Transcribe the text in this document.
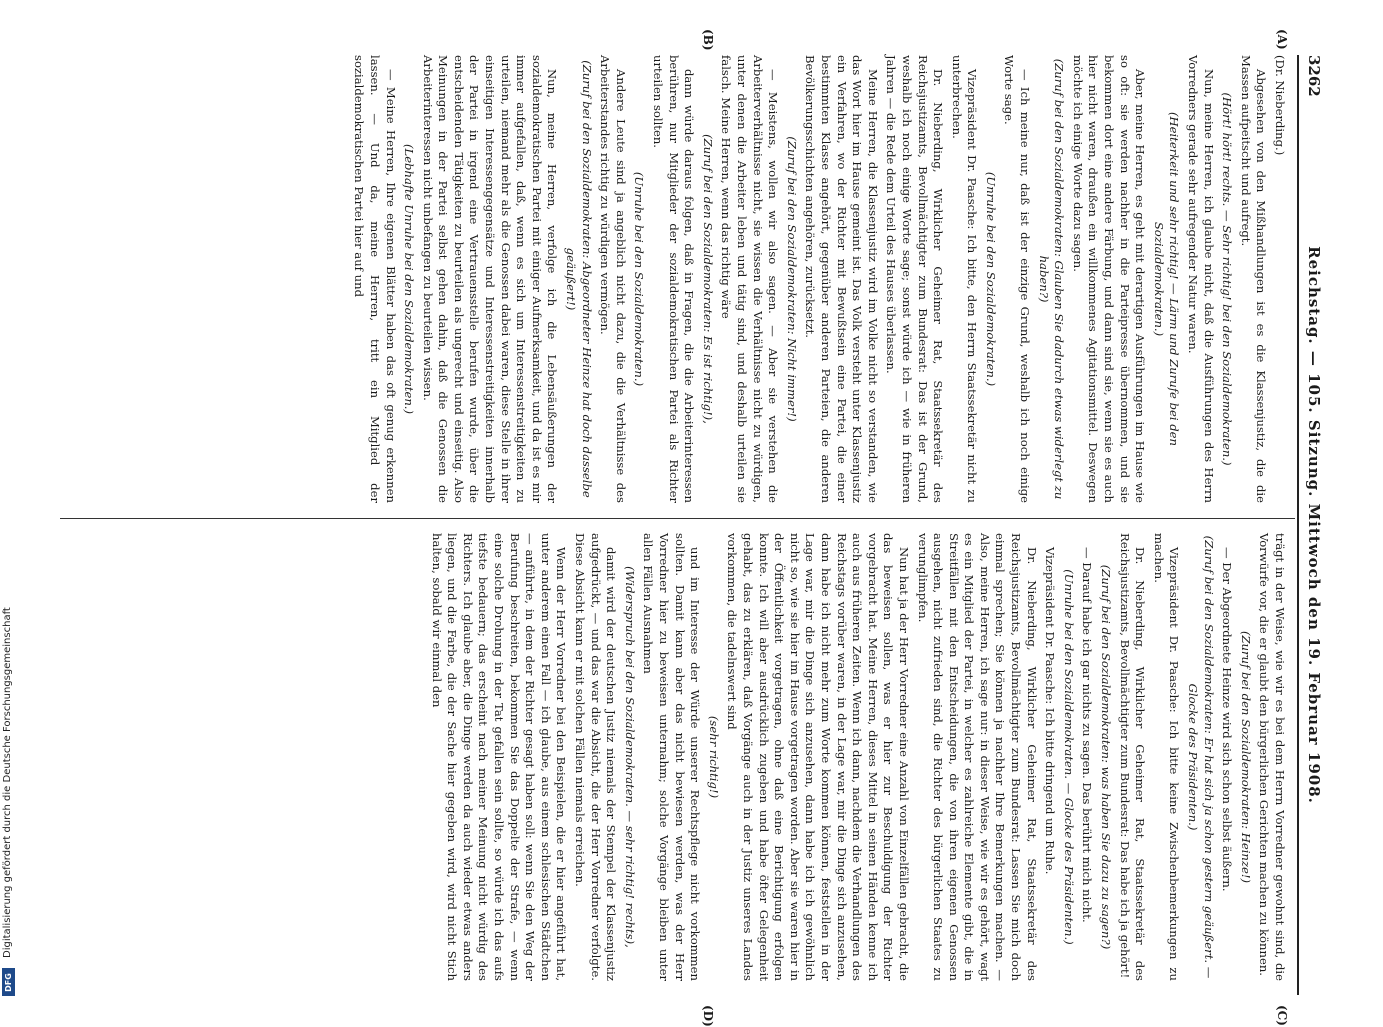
3262
Reichstag. — 105. Sitzung. Mittwoch den 19. Februar 1908.
(A)
(B)
(C)
(D)

(Dr. Nieberding.)

Abgesehen von den Mißhandlungen ist es die Klassenjustiz, die die Massen aufpeitscht und aufregt.

(Hört! hört! rechts. — Sehr richtig! bei den Sozialdemokraten.)

Nun, meine Herren, ich glaube nicht, daß die Ausführungen des Herrn Vorredners gerade sehr aufregender Natur waren.

(Heiterkeit und sehr richtig! — Lärm und Zurufe bei den Sozialdemokraten.)

Aber, meine Herren, es geht mit derartigen Ausführungen im Hause wie so oft: sie werden nachher in die Parteipresse übernommen, und sie bekommen dort eine andere Färbung, und dann sind sie, wenn sie es auch hier nicht waren, draußen ein willkommenes Agitationsmittel. Deswegen möchte ich einige Worte dazu sagen.

(Zuruf bei den Sozialdemokraten: Glauben Sie dadurch etwas widerlegt zu haben?)

— Ich meine nur, daß ist der einzige Grund, weshalb ich noch einige Worte sage.

(Unruhe bei den Sozialdemokraten.)

Vizepräsident Dr. Paasche: Ich bitte, den Herrn Staatssekretär nicht zu unterbrechen.

Dr. Nieberding, Wirklicher Geheimer Rat, Staatssekretär des Reichsjustizamts, Bevollmächtigter zum Bundesrat: Das ist der Grund, weshalb ich noch einige Worte sage; sonst würde ich — wie in früheren Jahren — die Rede dem Urteil des Hauses überlassen.

Meine Herren, die Klassenjustiz wird im Volke nicht so verstanden, wie das Wort hier im Hause gemeint ist. Das Volk versteht unter Klassenjustiz ein Verfahren, wo der Richter mit Bewußtsein eine Partei, die einer bestimmten Klasse angehört, gegenüber anderen Parteien, die anderen Bevölkerungsschichten angehören, zurücksetzt.

(Zuruf bei den Sozialdemokraten: Nicht immer!)

— Meistens, wollen wir also sagen. — Aber sie verstehen die Arbeiterverhältnisse nicht, sie wissen die Verhältnisse nicht zu würdigen, unter denen die Arbeiter leben und tätig sind, und deshalb urteilen sie falsch. Meine Herren, wenn das richtig wäre

(Zuruf bei den Sozialdemokraten: Es ist richtig!),

dann würde daraus folgen, daß in Fragen, die die Arbeiterinteressen berühren, nur Mitglieder der sozialdemokratischen Partei als Richter urteilen sollten.

(Unruhe bei den Sozialdemokraten.)

Andere Leute sind ja angeblich nicht dazu, die die Verhältnisse des Arbeiterstandes richtig zu würdigen vermögen.

(Zuruf bei den Sozialdemokraten: Abgeordneter Heinze hat doch dasselbe geäußert!)

Nun, meine Herren, verfolge ich die Lebensäußerungen der sozialdemokratischen Partei mit einiger Aufmerksamkeit, und da ist es mir immer aufgefallen, daß, wenn es sich um Interessenstreitigkeiten zu urteilen, niemand mehr als die Genossen dabei waren, diese Stelle in ihrer einseitigen Interessengegensätze und Interessenstreitigkeiten innerhalb der Partei in irgend eine Vertrauensstelle berufen wurde, über die entscheidenden Tätigkeiten zu beurteilen als ungerecht und einseitig. Also Meinungen in der Partei selbst gehen dahin, daß die Genossen die Arbeiterinteressen nicht unbefangen zu beurteilen wissen.

(Lebhafte Unruhe bei den Sozialdemokraten.)

— Meine Herren, Ihre eigenen Blätter haben das oft genug erkennen lassen. — Und da, meine Herren, tritt ein Mitglied der sozialdemokratischen Partei hier auf und

trägt in der Weise, wie wir es bei dem Herrn Vorredner gewohnt sind, die Vorwürfe vor, die er glaubt den bürgerlichen Gerichten machen zu können.

(Zuruf bei den Sozialdemokraten: Heinze!)

— Der Abgeordnete Heinze wird sich schon selbst äußern.

(Zuruf bei den Sozialdemokraten: Er hat sich ja schon gestern geäußert. — Glocke des Präsidenten.)

Vizepräsident Dr. Paasche: Ich bitte keine Zwischenbemerkungen zu machen.

Dr. Nieberding, Wirklicher Geheimer Rat, Staatssekretär des Reichsjustizamts, Bevollmächtigter zum Bundesrat: Das habe ich ja gehört!

(Zuruf bei den Sozialdemokraten: was haben Sie dazu zu sagen?)

— Darauf habe ich gar nichts zu sagen. Das berührt mich nicht.

(Unruhe bei den Sozialdemokraten. — Glocke des Präsidenten.)

Vizepräsident Dr. Paasche: Ich bitte dringend um Ruhe.

Dr. Nieberding, Wirklicher Geheimer Rat, Staatssekretär des Reichsjustizamts, Bevollmächtigter zum Bundesrat: Lassen Sie mich doch einmal sprechen; Sie können ja nachher Ihre Bemerkungen machen. — Also, meine Herren, ich sage nur: in dieser Weise, wie wir es gehört, wagt es ein Mitglied der Partei, in welcher es zahlreiche Elemente gibt, die in Streitfällen mit den Entscheidungen, die von ihren eigenen Genossen ausgehen, nicht zufrieden sind, die Richter des bürgerlichen Staates zu verunglimpfen.

Nun hat ja der Herr Vorredner eine Anzahl von Einzelfällen gebracht, die das beweisen sollen, was er hier zur Beschuldigung der Richter vorgebracht hat. Meine Herren, dieses Mittel in seinen Händen kenne ich auch aus früheren Zeiten. Wenn ich dann, nachdem die Verhandlungen des Reichstags vorüber waren, in der Lage war, mir die Dinge sich anzusehen, dann habe ich nicht mehr zum Worte kommen können, feststellen in der Lage war, mir die Dinge sich anzusehen, dann habe ich ich gewöhnlich nicht so, wie sie hier im Hause vorgetragen worden. Aber sie waren hier in der Öffentlichkeit vorgetragen, ohne daß eine Berichtigung erfolgen konnte. Ich will aber ausdrücklich zugeben und habe öfter Gelegenheit gehabt, das zu erklären, daß Vorgänge auch in der Justiz unseres Landes vorkommen, die tadelnswert sind

(sehr richtig!)

und im Interesse der Würde unserer Rechtspflege nicht vorkommen sollten. Damit kann aber das nicht bewiesen werden, was der Herr Vorredner hier zu beweisen unternahm; solche Vorgänge bleiben unter allen Fällen Ausnahmen

(Widerspruch bei den Sozialdemokraten. — sehr richtig! rechts),

damit wird der deutschen Justiz niemals der Stempel der Klassenjustiz aufgedrückt, — und das war die Absicht, die der Herr Vorredner verfolgte. Diese Absicht kann er mit solchen Fällen niemals erreichen.

Wenn der Herr Vorredner bei den Beispielen, die er hier angeführt hat, unter anderem einen Fall — ich glaube, aus einem schlesischen Städtchen — anführte, in dem der Richter gesagt haben soll: wenn Sie den Weg der Berufung beschreiten, bekommen Sie das Doppelte der Strafe, — wenn eine solche Drohung in der Tat gefallen sein sollte, so würde ich das aufs tiefste bedauern; das erscheint nach meiner Meinung nicht würdig des Richters. Ich glaube aber, die Dinge werden da auch wieder etwas anders liegen, und die Farbe, die der Sache hier gegeben wird, wird nicht Stich halten, sobald wir einmal den

Digitalisierung gefördert durch die Deutsche Forschungsgemeinschaft
DFG
